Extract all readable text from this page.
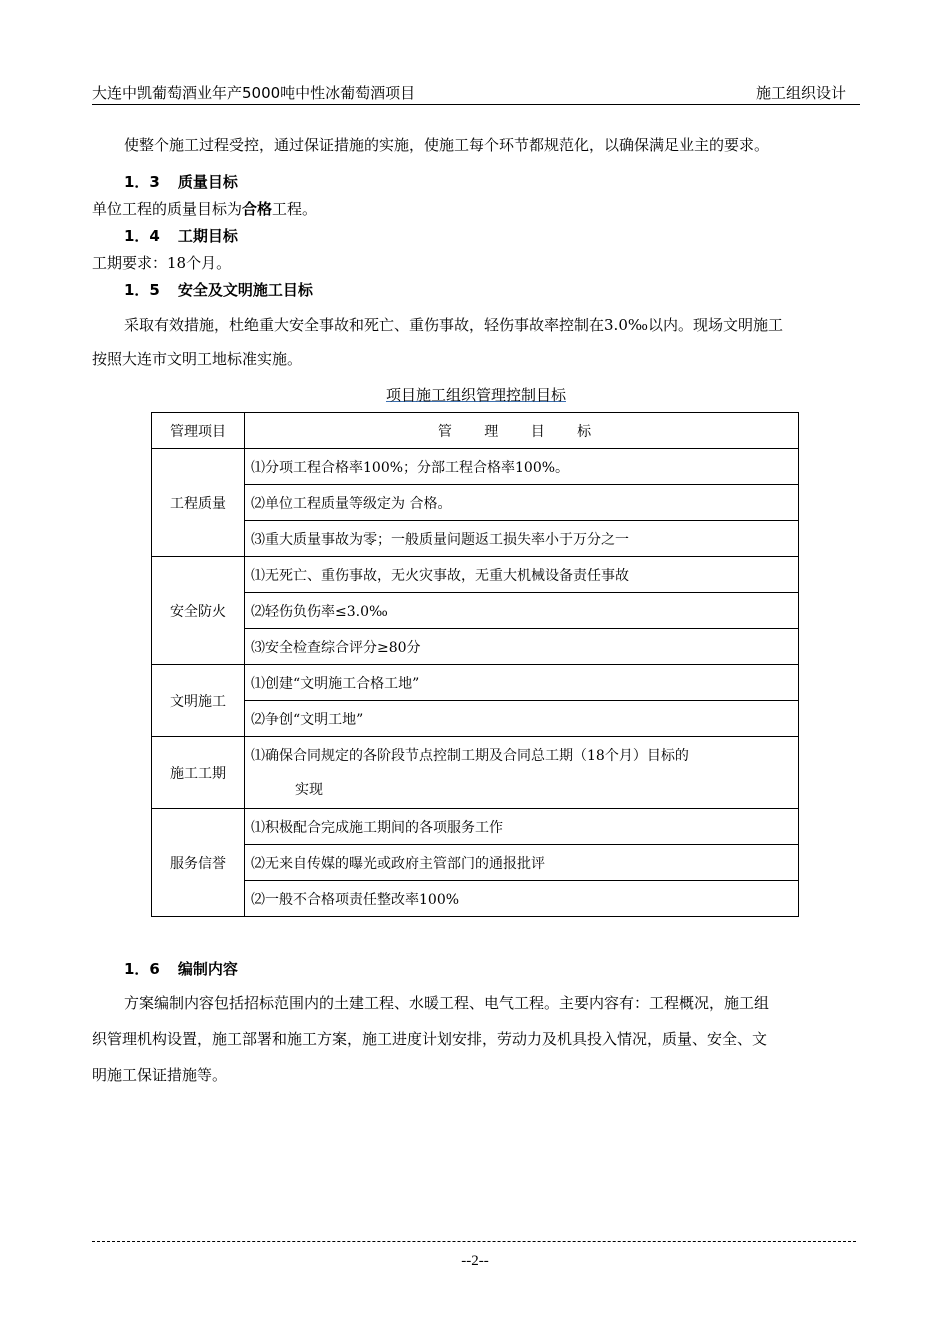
大连中凯葡萄酒业年产5000吨中性冰葡萄酒项目	施工组织设计
使整个施工过程受控，通过保证措施的实施，使施工每个环节都规范化，以确保满足业主的要求。
1．3 质量目标
单位工程的质量目标为合格工程。
1．4 工期目标
工期要求：18个月。
1．5 安全及文明施工目标
采取有效措施，杜绝重大安全事故和死亡、重伤事故，轻伤事故率控制在3.0‰以内。现场文明施工
按照大连市文明工地标准实施。
项目施工组织管理控制目标
管理项目	管 理 目 标
工程质量	⑴分项工程合格率100%；分部工程合格率100%。
	⑵单位工程质量等级定为 合格。
	⑶重大质量事故为零；一般质量问题返工损失率小于万分之一
安全防火	⑴无死亡、重伤事故，无火灾事故，无重大机械设备责任事故
	⑵轻伤负伤率≤3.0‰
	⑶安全检查综合评分≥80分
文明施工	⑴创建“文明施工合格工地”
	⑵争创“文明工地”
施工工期	⑴确保合同规定的各阶段节点控制工期及合同总工期（18个月）目标的
实现
服务信誉	⑴积极配合完成施工期间的各项服务工作
	⑵无来自传媒的曝光或政府主管部门的通报批评
	⑵一般不合格项责任整改率100%
1．6 编制内容
方案编制内容包括招标范围内的土建工程、水暖工程、电气工程。主要内容有：工程概况，施工组
织管理机构设置，施工部署和施工方案，施工进度计划安排，劳动力及机具投入情况，质量、安全、文
明施工保证措施等。
--2--
